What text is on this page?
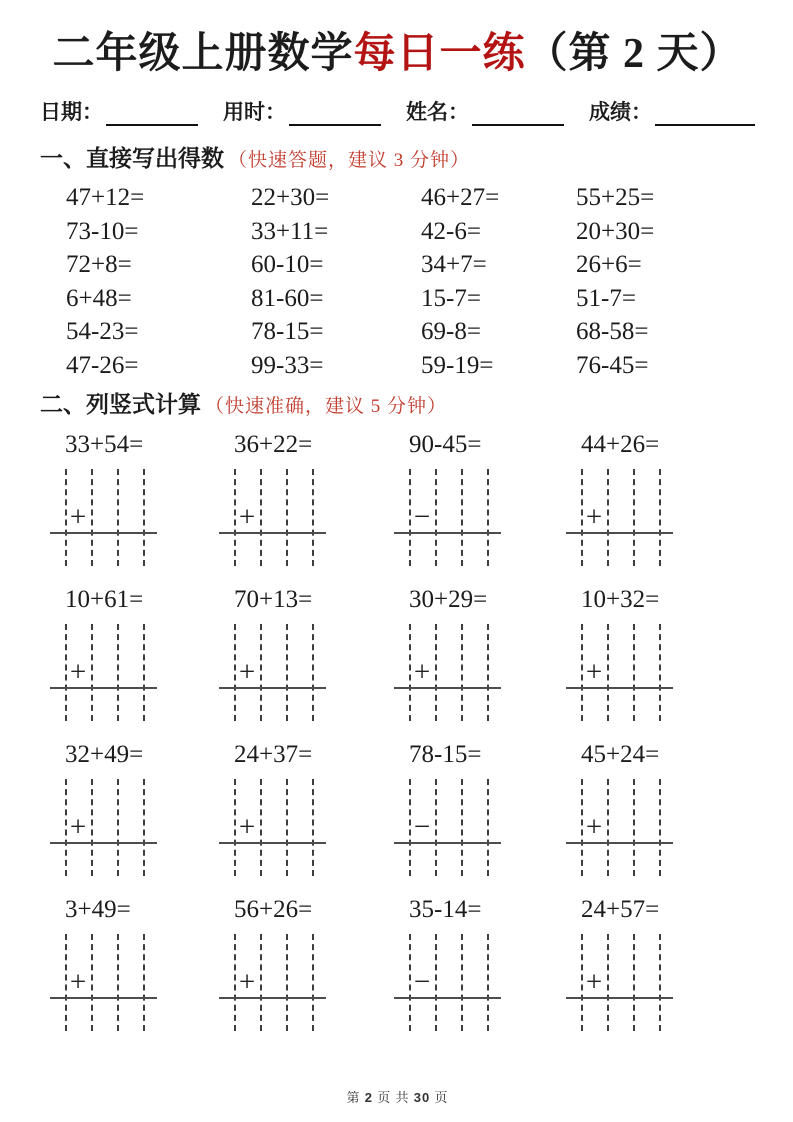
二年级上册数学每日一练（第 2 天）
日期：	用时：	姓名：	成绩：
一、直接写出得数 （快速答题，建议 3 分钟）
47+12=	22+30=	46+27=	55+25=
73-10=	33+11=	42-6=	20+30=
72+8=	60-10=	34+7=	26+6=
6+48=	81-60=	15-7=	51-7=
54-23=	78-15=	69-8=	68-58=
47-26=	99-33=	59-19=	76-45=
二、列竖式计算 （快速准确，建议 5 分钟）
33+54=
+
36+22=
+
90-45=
−
44+26=
+
10+61=
+
70+13=
+
30+29=
+
10+32=
+
32+49=
+
24+37=
+
78-15=
−
45+24=
+
3+49=
+
56+26=
+
35-14=
−
24+57=
+
第 2 页 共 30 页
